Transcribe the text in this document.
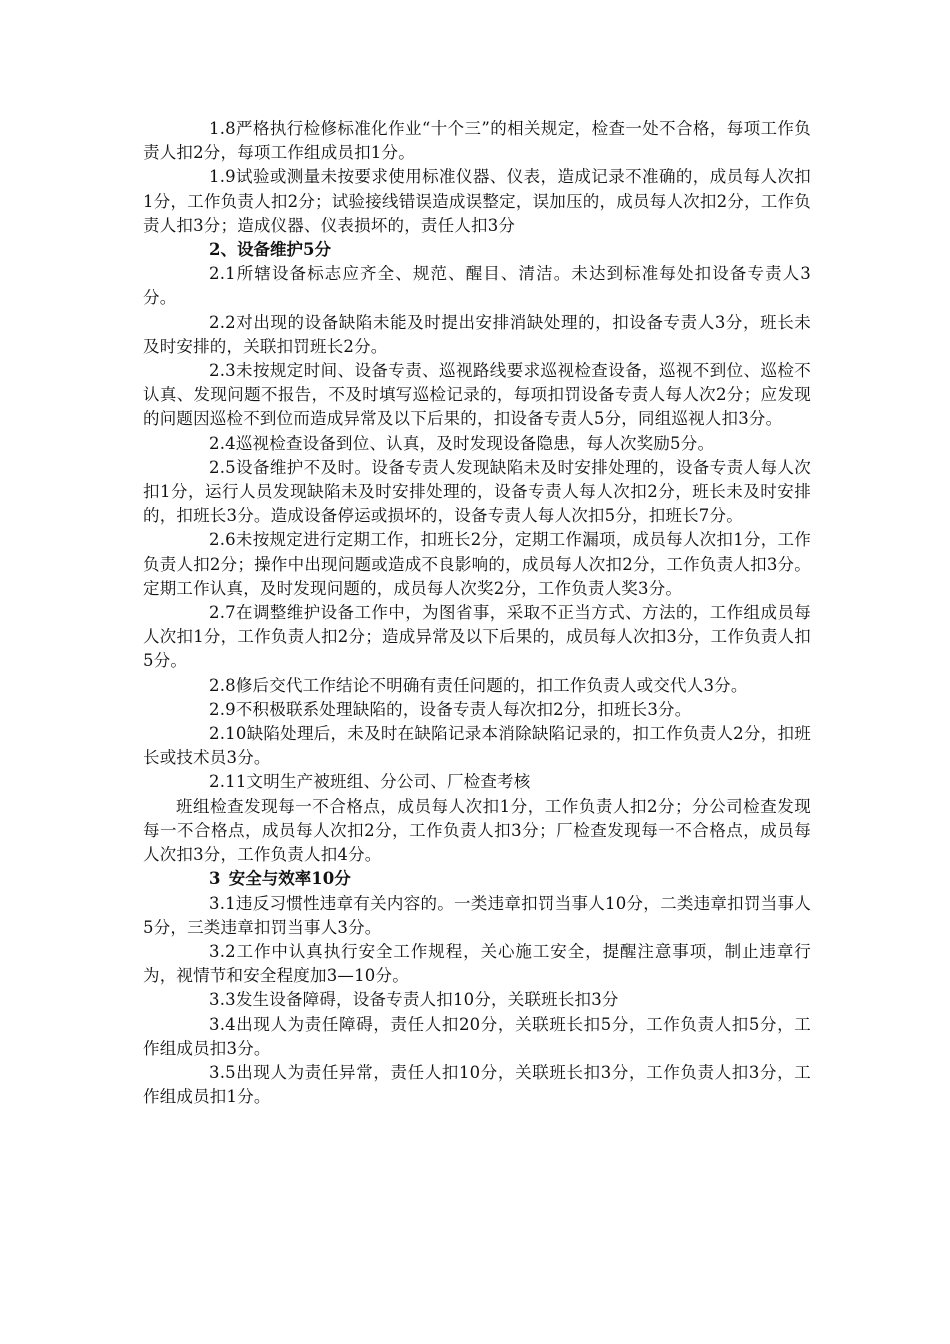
1.8严格执行检修标准化作业“十个三”的相关规定，检查一处不合格，每项工作负责人扣2分，每项工作组成员扣1分。

1.9试验或测量未按要求使用标准仪器、仪表，造成记录不准确的，成员每人次扣1分，工作负责人扣2分；试验接线错误造成误整定，误加压的，成员每人次扣2分，工作负责人扣3分；造成仪器、仪表损坏的，责任人扣3分

2、设备维护5分

2.1所辖设备标志应齐全、规范、醒目、清洁。未达到标准每处扣设备专责人3分。

2.2对出现的设备缺陷未能及时提出安排消缺处理的，扣设备专责人3分，班长未及时安排的，关联扣罚班长2分。

2.3未按规定时间、设备专责、巡视路线要求巡视检查设备，巡视不到位、巡检不认真、发现问题不报告，不及时填写巡检记录的，每项扣罚设备专责人每人次2分；应发现的问题因巡检不到位而造成异常及以下后果的，扣设备专责人5分，同组巡视人扣3分。

2.4巡视检查设备到位、认真，及时发现设备隐患，每人次奖励5分。

2.5设备维护不及时。设备专责人发现缺陷未及时安排处理的，设备专责人每人次扣1分，运行人员发现缺陷未及时安排处理的，设备专责人每人次扣2分，班长未及时安排的，扣班长3分。造成设备停运或损坏的，设备专责人每人次扣5分，扣班长7分。

2.6未按规定进行定期工作，扣班长2分，定期工作漏项，成员每人次扣1分，工作负责人扣2分；操作中出现问题或造成不良影响的，成员每人次扣2分，工作负责人扣3分。定期工作认真，及时发现问题的，成员每人次奖2分，工作负责人奖3分。

2.7在调整维护设备工作中，为图省事，采取不正当方式、方法的，工作组成员每人次扣1分，工作负责人扣2分；造成异常及以下后果的，成员每人次扣3分，工作负责人扣5分。

2.8修后交代工作结论不明确有责任问题的，扣工作负责人或交代人3分。

2.9不积极联系处理缺陷的，设备专责人每次扣2分，扣班长3分。

2.10缺陷处理后，未及时在缺陷记录本消除缺陷记录的，扣工作负责人2分，扣班长或技术员3分。

2.11文明生产被班组、分公司、厂检查考核

班组检查发现每一不合格点，成员每人次扣1分，工作负责人扣2分；分公司检查发现每一不合格点，成员每人次扣2分，工作负责人扣3分；厂检查发现每一不合格点，成员每人次扣3分，工作负责人扣4分。

3 安全与效率10分

3.1违反习惯性违章有关内容的。一类违章扣罚当事人10分，二类违章扣罚当事人5分，三类违章扣罚当事人3分。

3.2工作中认真执行安全工作规程，关心施工安全，提醒注意事项，制止违章行为，视情节和安全程度加3—10分。

3.3发生设备障碍，设备专责人扣10分，关联班长扣3分

3.4出现人为责任障碍，责任人扣20分，关联班长扣5分，工作负责人扣5分，工作组成员扣3分。

3.5出现人为责任异常，责任人扣10分，关联班长扣3分，工作负责人扣3分，工作组成员扣1分。
